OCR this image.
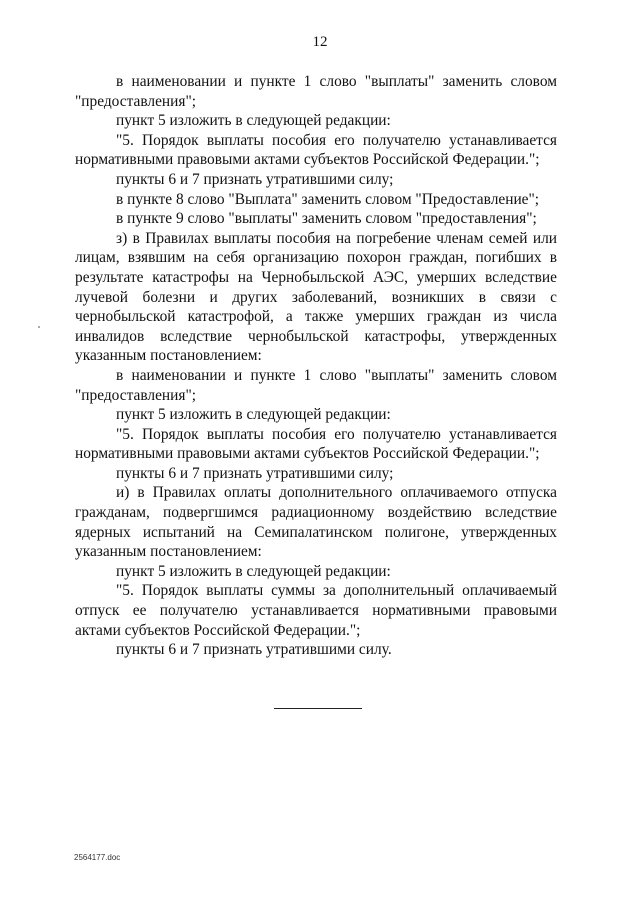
12

в наименовании и пункте 1 слово "выплаты" заменить словом "предоставления";

пункт 5 изложить в следующей редакции:

"5. Порядок выплаты пособия его получателю устанавливается нормативными правовыми актами субъектов Российской Федерации.";

пункты 6 и 7 признать утратившими силу;

в пункте 8 слово "Выплата" заменить словом "Предоставление";

в пункте 9 слово "выплаты" заменить словом "предоставления";

з) в Правилах выплаты пособия на погребение членам семей или лицам, взявшим на себя организацию похорон граждан, погибших в результате катастрофы на Чернобыльской АЭС, умерших вследствие лучевой болезни и других заболеваний, возникших в связи с чернобыльской катастрофой, а также умерших граждан из числа инвалидов вследствие чернобыльской катастрофы, утвержденных указанным постановлением:

в наименовании и пункте 1 слово "выплаты" заменить словом "предоставления";

пункт 5 изложить в следующей редакции:

"5. Порядок выплаты пособия его получателю устанавливается нормативными правовыми актами субъектов Российской Федерации.";

пункты 6 и 7 признать утратившими силу;

и) в Правилах оплаты дополнительного оплачиваемого отпуска гражданам, подвергшимся радиационному воздействию вследствие ядерных испытаний на Семипалатинском полигоне, утвержденных указанным постановлением:

пункт 5 изложить в следующей редакции:

"5. Порядок выплаты суммы за дополнительный оплачиваемый отпуск ее получателю устанавливается нормативными правовыми актами субъектов Российской Федерации.";

пункты 6 и 7 признать утратившими силу.

2564177.doc
